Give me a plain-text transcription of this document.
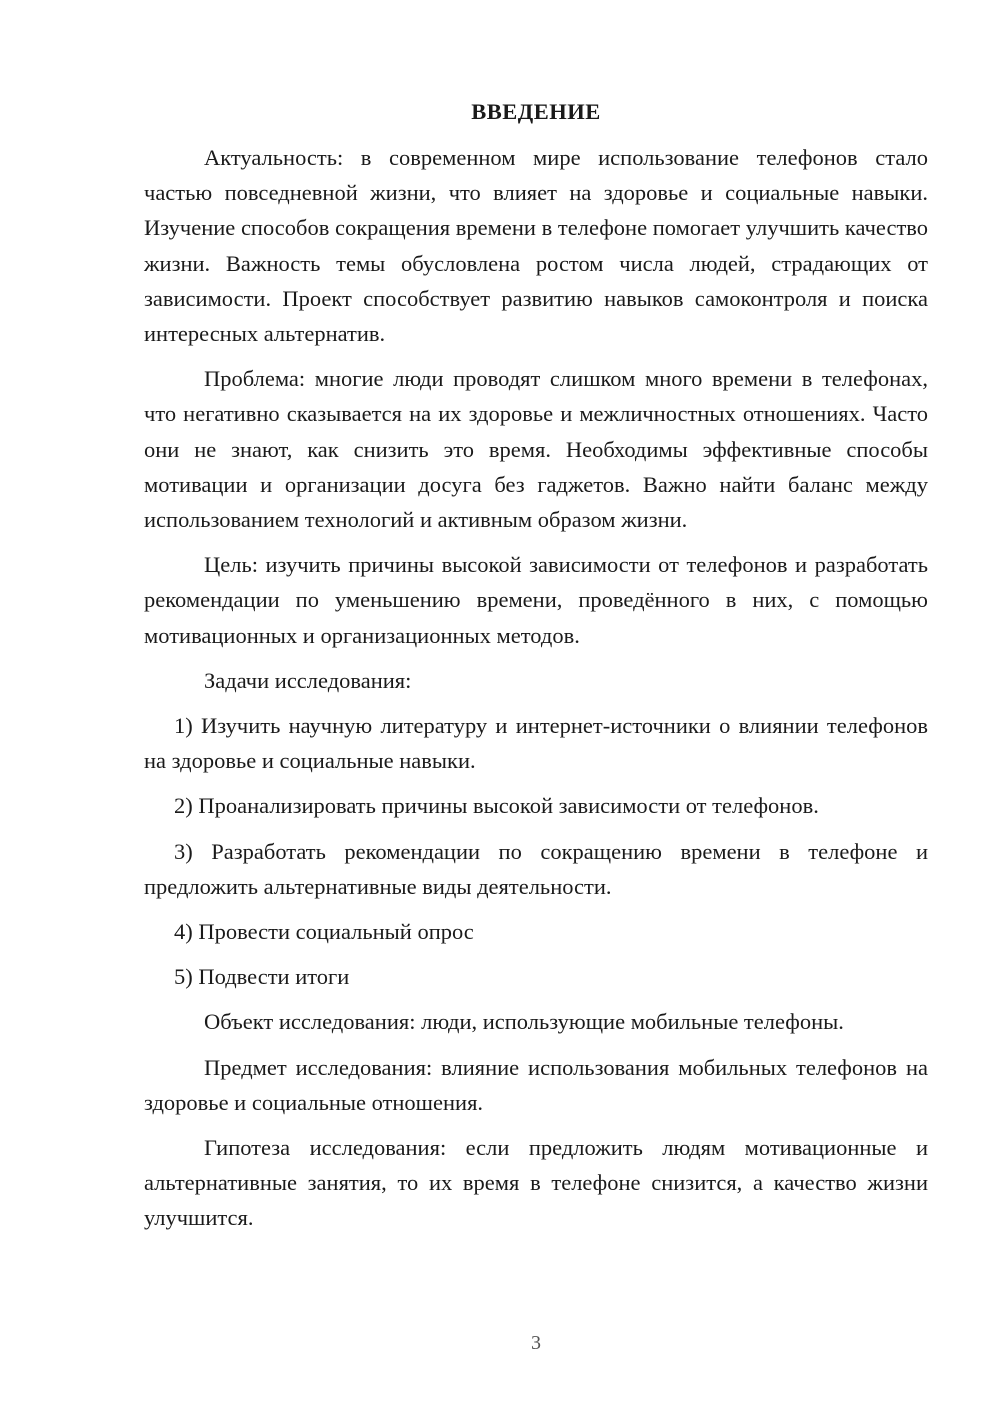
ВВЕДЕНИЕ

Актуальность: в современном мире использование телефонов стало частью повседневной жизни, что влияет на здоровье и социальные навыки. Изучение способов сокращения времени в телефоне помогает улучшить качество жизни. Важность темы обусловлена ростом числа людей, страдающих от зависимости. Проект способствует развитию навыков самоконтроля и поиска интересных альтернатив.

Проблема: многие люди проводят слишком много времени в телефонах, что негативно сказывается на их здоровье и межличностных отношениях. Часто они не знают, как снизить это время. Необходимы эффективные способы мотивации и организации досуга без гаджетов. Важно найти баланс между использованием технологий и активным образом жизни.

Цель: изучить причины высокой зависимости от телефонов и разработать рекомендации по уменьшению времени, проведённого в них, с помощью мотивационных и организационных методов.

Задачи исследования:

1) Изучить научную литературу и интернет-источники о влиянии телефонов на здоровье и социальные навыки.

2) Проанализировать причины высокой зависимости от телефонов.

3) Разработать рекомендации по сокращению времени в телефоне и предложить альтернативные виды деятельности.

4) Провести социальный опрос

5) Подвести итоги

Объект исследования: люди, использующие мобильные телефоны.

Предмет исследования: влияние использования мобильных телефонов на здоровье и социальные отношения.

Гипотеза исследования: если предложить людям мотивационные и альтернативные занятия, то их время в телефоне снизится, а качество жизни улучшится.

3
